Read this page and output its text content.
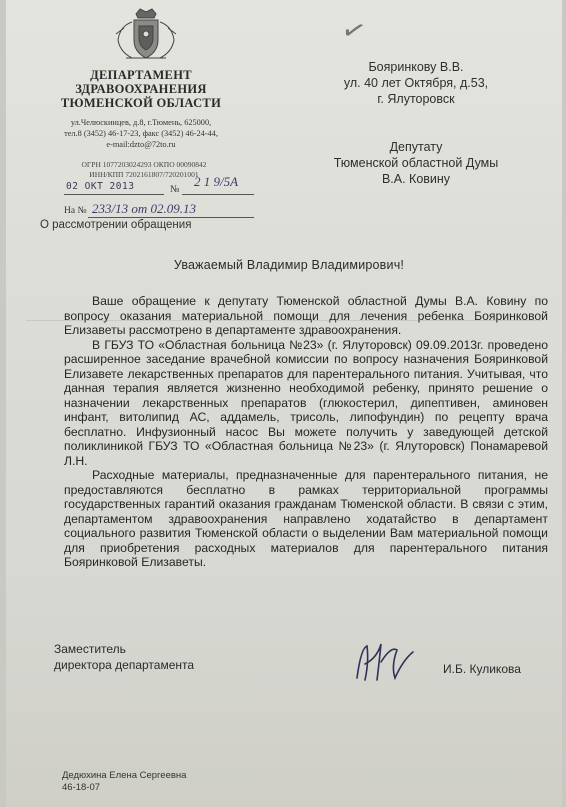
ДЕПАРТАМЕНТ
ЗДРАВООХРАНЕНИЯ
ТЮМЕНСКОЙ ОБЛАСТИ
ул.Челюскинцев, д.8, г.Тюмень, 625000,
тел.8 (3452) 46-17-23, факс (3452) 46-24-44,
e-mail:dzto@72to.ru
ОГРН 1077203024293 ОКПО 00090842
ИНН/КПП 7202161807/720201001
02 ОКТ 2013	№
2 1 9/5А
На № 233/13 от 02.09.13
О рассмотрении обращения
✓
Бояринкову В.В.
ул. 40 лет Октября, д.53,
г. Ялуторовск
Депутату
Тюменской областной Думы
В.А. Ковину
Уважаемый Владимир Владимирович!

Ваше обращение к депутату Тюменской областной Думы В.А. Ковину по вопросу оказания материальной помощи для лечения ребенка Бояринковой Елизаветы рассмотрено в департаменте здравоохранения.

В ГБУЗ ТО «Областная больница №23» (г. Ялуторовск) 09.09.2013г. проведено расширенное заседание врачебной комиссии по вопросу назначения Бояринковой Елизавете лекарственных препаратов для парентерального питания. Учитывая, что данная терапия является жизненно необходимой ребенку, принято решение о назначении лекарственных препаратов (глюкостерил, дипептивен, аминовен инфант, витолипид АС, аддамель, трисоль, липофундин) по рецепту врача бесплатно. Инфузионный насос Вы можете получить у заведующей детской поликлиникой ГБУЗ ТО «Областная больница №23» (г. Ялуторовск) Понамаревой Л.Н.

Расходные материалы, предназначенные для парентерального питания, не предоставляются бесплатно в рамках территориальной программы государственных гарантий оказания гражданам Тюменской области. В связи с этим, департаментом здравоохранения направлено ходатайство в департамент социального развития Тюменской области о выделении Вам материальной помощи для приобретения расходных материалов для парентерального питания Бояринковой Елизаветы.

Заместитель
директора департамента	И.Б. Куликова
Дедюхина Елена Сергеевна
46-18-07
